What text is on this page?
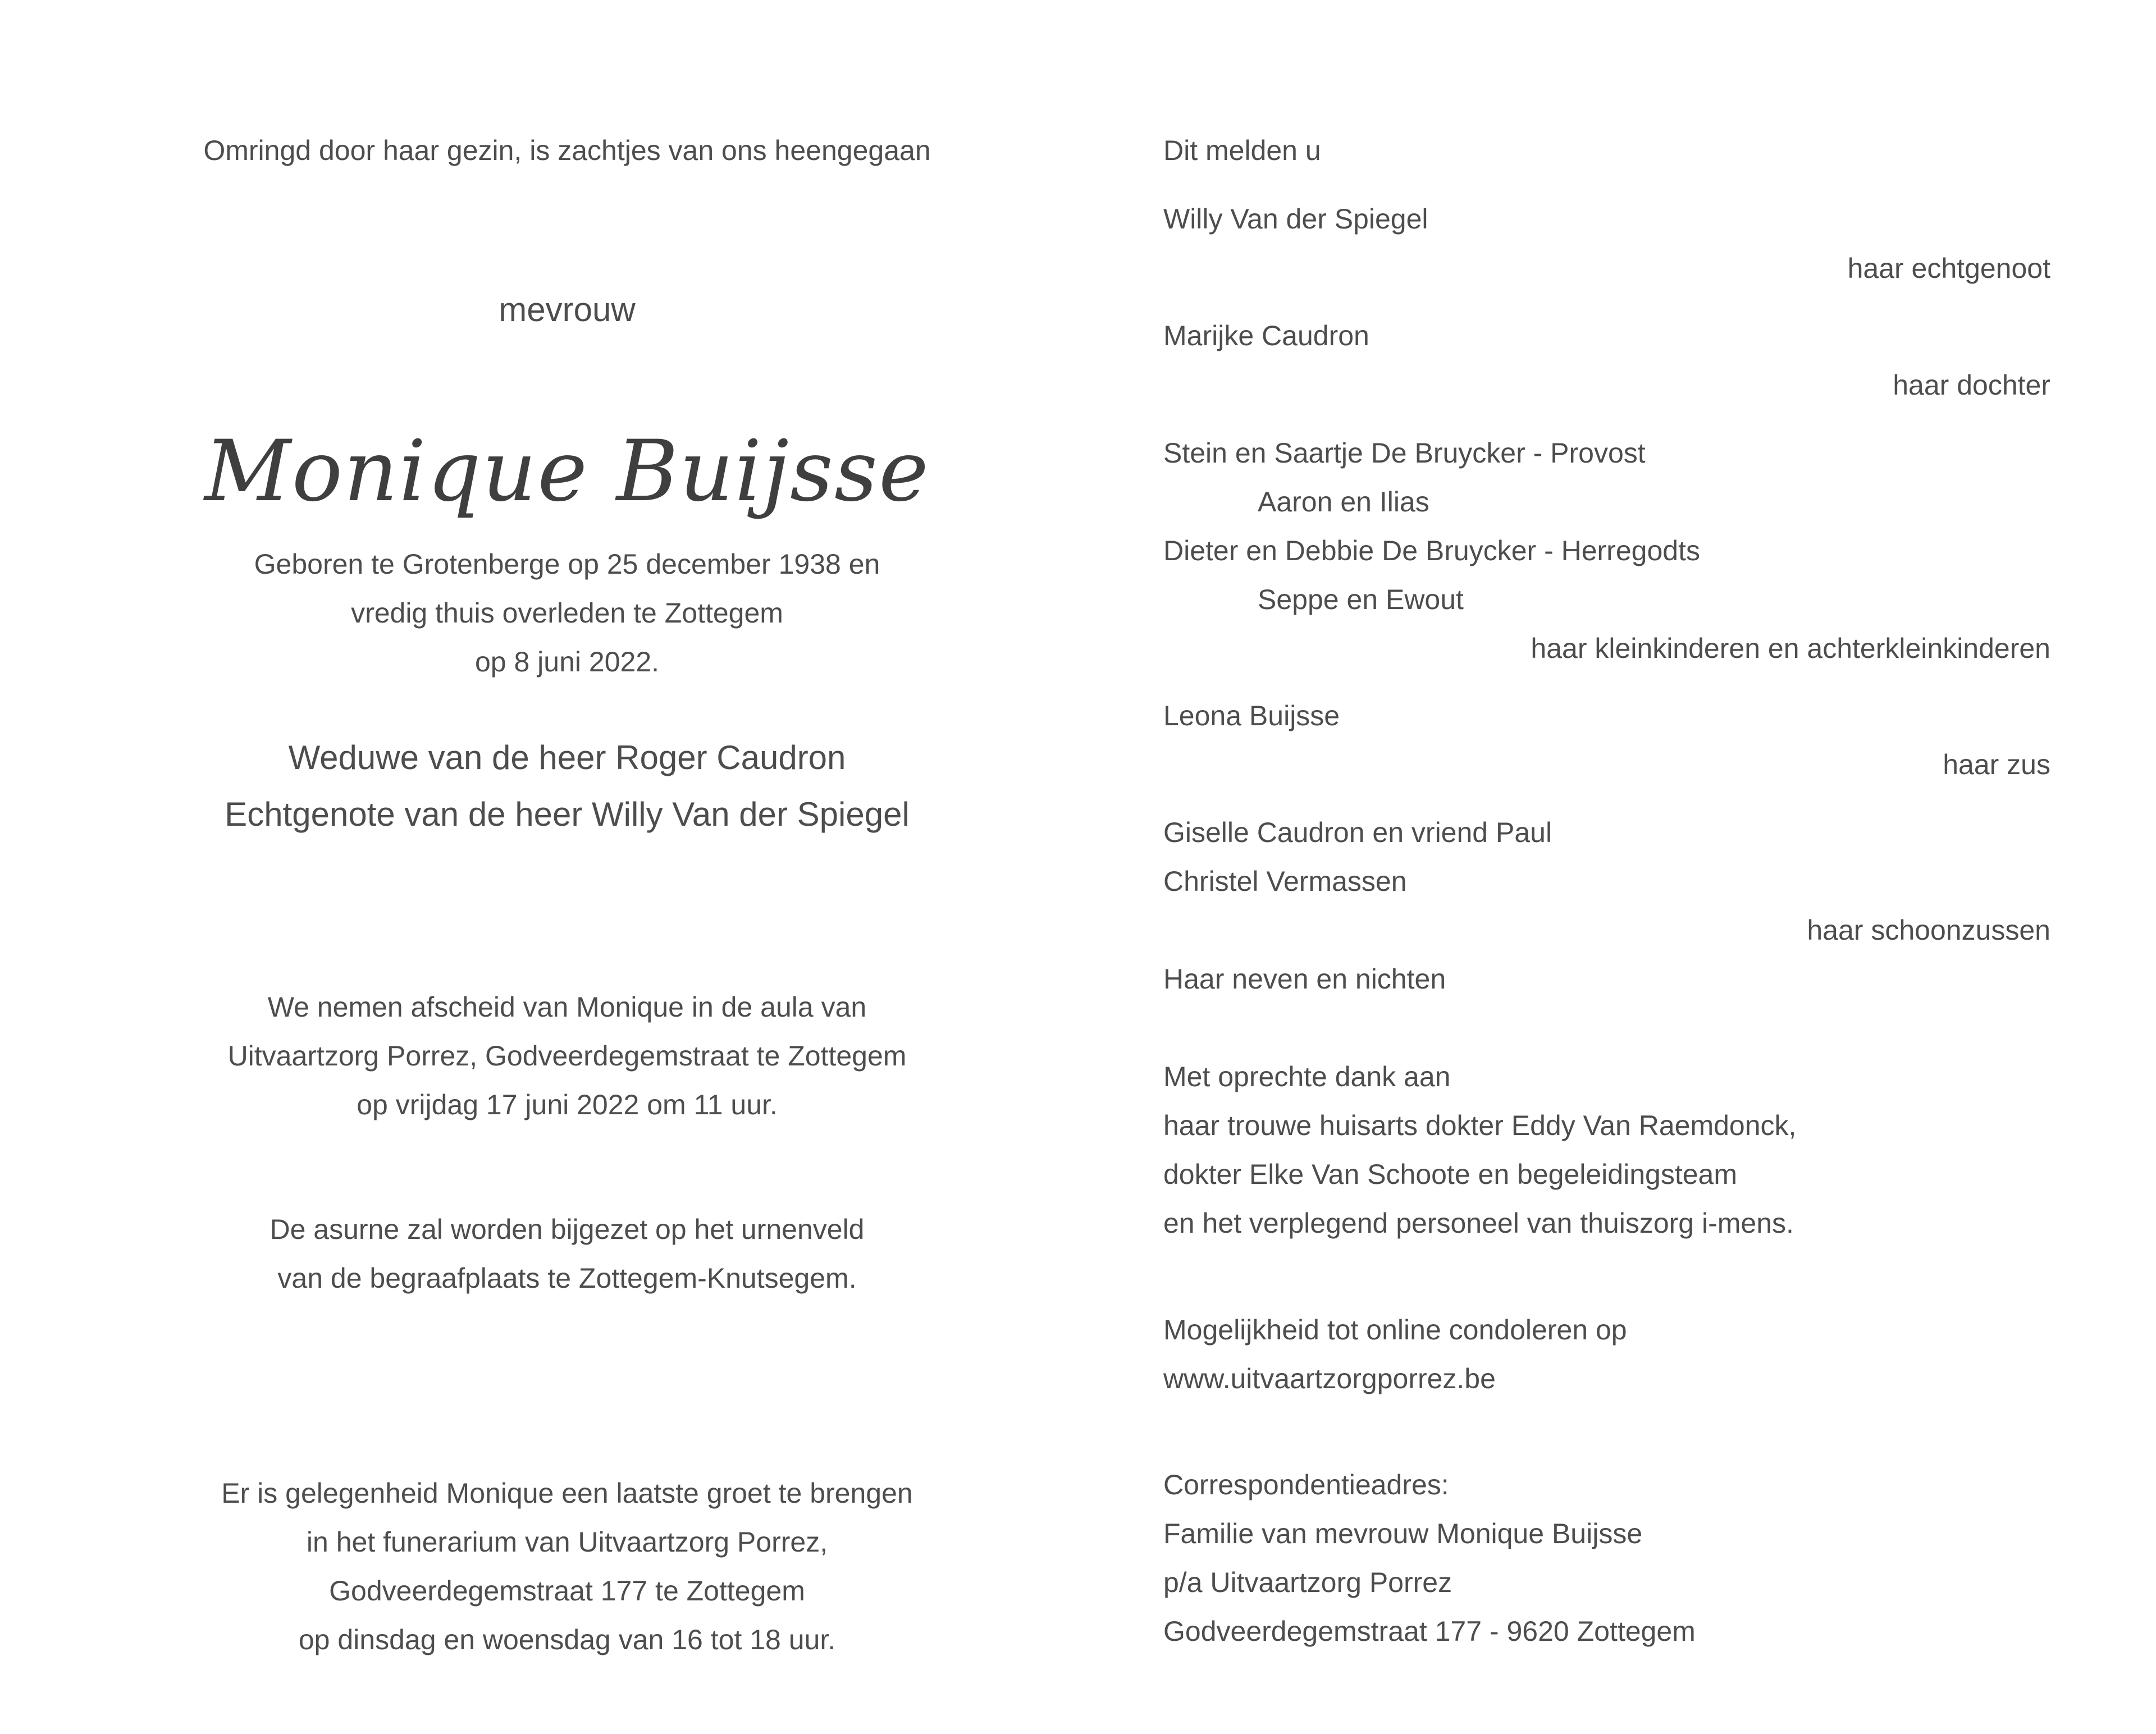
Omringd door haar gezin, is zachtjes van ons heengegaan
mevrouw
Monique Buijsse
Geboren te Grotenberge op 25 december 1938 en
vredig thuis overleden te Zottegem
op 8 juni 2022.
Weduwe van de heer Roger Caudron
Echtgenote van de heer Willy Van der Spiegel
We nemen afscheid van Monique in de aula van
Uitvaartzorg Porrez, Godveerdegemstraat te Zottegem
op vrijdag 17 juni 2022 om 11 uur.
De asurne zal worden bijgezet op het urnenveld
van de begraafplaats te Zottegem-Knutsegem.
Er is gelegenheid Monique een laatste groet te brengen
in het funerarium van Uitvaartzorg Porrez,
Godveerdegemstraat 177 te Zottegem
op dinsdag en woensdag van 16 tot 18 uur.
Dit melden u
Willy Van der Spiegel
haar echtgenoot
Marijke Caudron
haar dochter
Stein en Saartje De Bruycker - Provost
Aaron en Ilias
Dieter en Debbie De Bruycker - Herregodts
Seppe en Ewout
haar kleinkinderen en achterkleinkinderen
Leona Buijsse
haar zus
Giselle Caudron en vriend Paul
Christel Vermassen
haar schoonzussen
Haar neven en nichten
Met oprechte dank aan
haar trouwe huisarts dokter Eddy Van Raemdonck,
dokter Elke Van Schoote en begeleidingsteam
en het verplegend personeel van thuiszorg i-mens.
Mogelijkheid tot online condoleren op
www.uitvaartzorgporrez.be
Correspondentieadres:
Familie van mevrouw Monique Buijsse
p/a Uitvaartzorg Porrez
Godveerdegemstraat 177 - 9620 Zottegem
